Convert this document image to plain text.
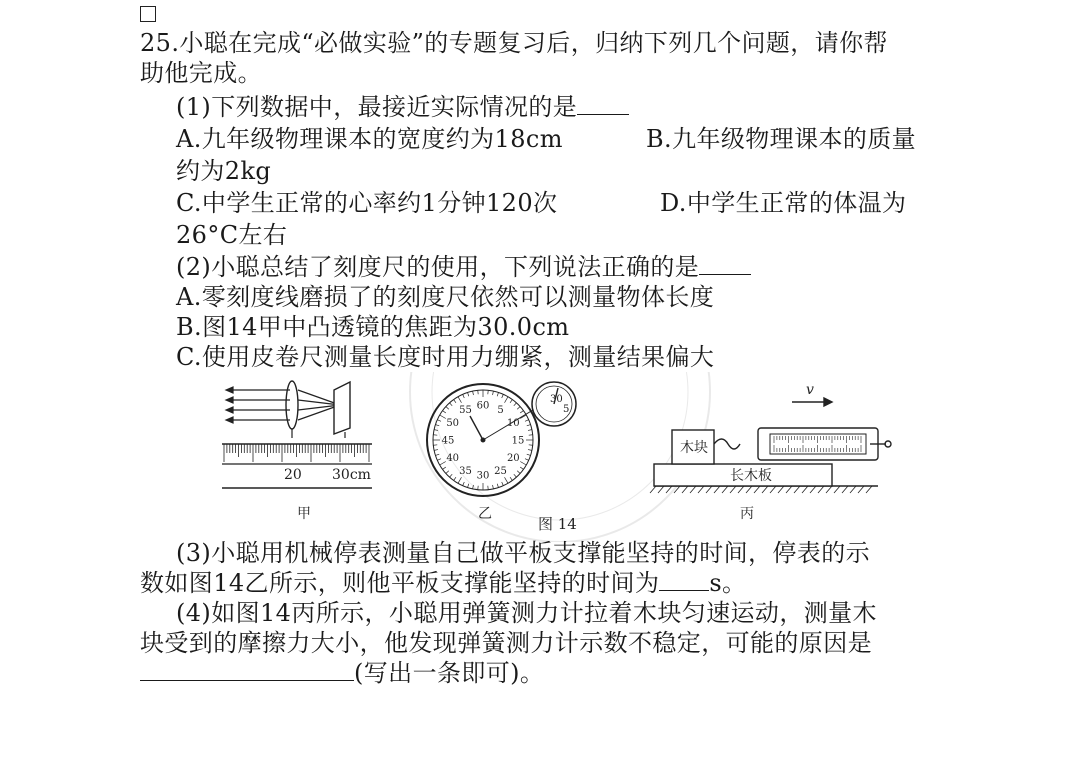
25.小聪在完成“必做实验”的专题复习后，归纳下列几个问题，请你帮
助他完成。
(1)下列数据中，最接近实际情况的是
A.九年级物理课本的宽度约为18cm	B.九年级物理课本的质量
约为2kg
C.中学生正常的心率约1分钟120次	D.中学生正常的体温为
26°C左右
(2)小聪总结了刻度尺的使用，下列说法正确的是
A.零刻度线磨损了的刻度尺依然可以测量物体长度
B.图14甲中凸透镜的焦距为30.0cm
C.使用皮卷尺测量长度时用力绷紧，测量结果偏大
20 30cm
甲
60 5
10
15
20
25
30
35
40
45
50
55
30
5
乙
图 14
木块
长木板
v
丙
(3)小聪用机械停表测量自己做平板支撑能坚持的时间，停表的示
数如图14乙所示，则他平板支撑能坚持的时间为 s。
(4)如图14丙所示，小聪用弹簧测力计拉着木块匀速运动，测量木
块受到的摩擦力大小，他发现弹簧测力计示数不稳定，可能的原因是
(写出一条即可)。
